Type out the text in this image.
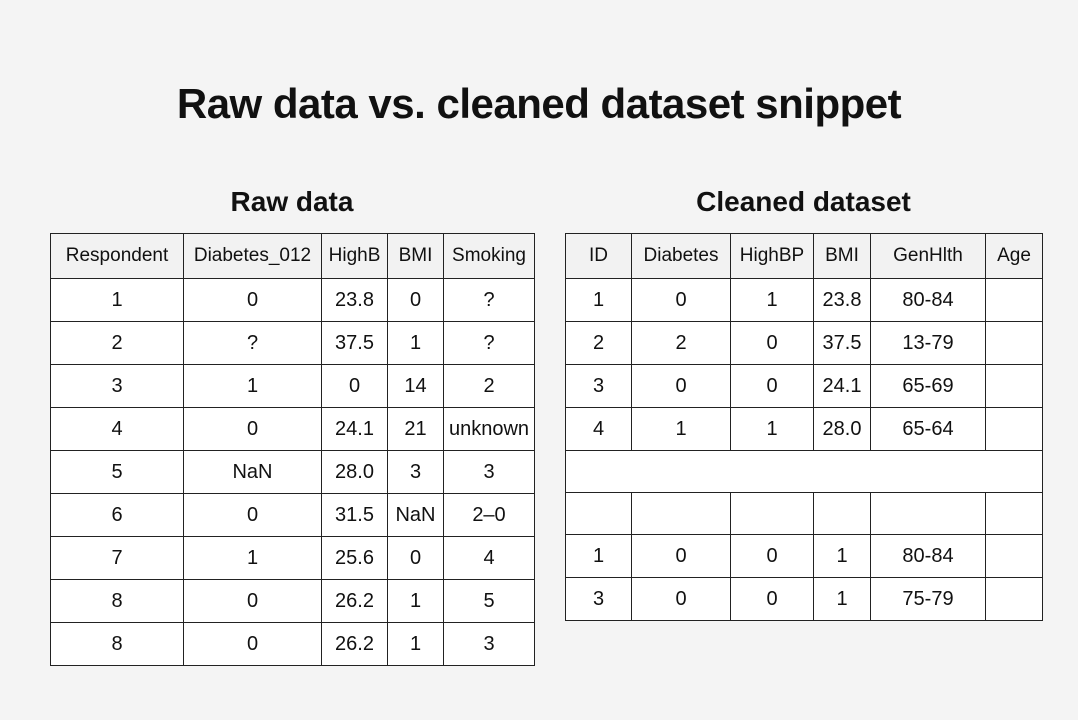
Raw data vs. cleaned dataset snippet
Raw data	Cleaned dataset
Respondent	Diabetes_012	HighB	BMI	Smoking
1	0	23.8	0	?
2	?	37.5	1	?
3	1	0	14	2
4	0	24.1	21	unknown
5	NaN	28.0	3	3
6	0	31.5	NaN	2–0
7	1	25.6	0	4
8	0	26.2	1	5
8	0	26.2	1	3
ID	Diabetes	HighBP	BMI	GenHlth	Age
1	0	1	23.8	80-84	
2	2	0	37.5	13-79	
3	0	0	24.1	65-69	
4	1	1	28.0	65-64	

1	0	0	1	80-84	
3	0	0	1	75-79	
